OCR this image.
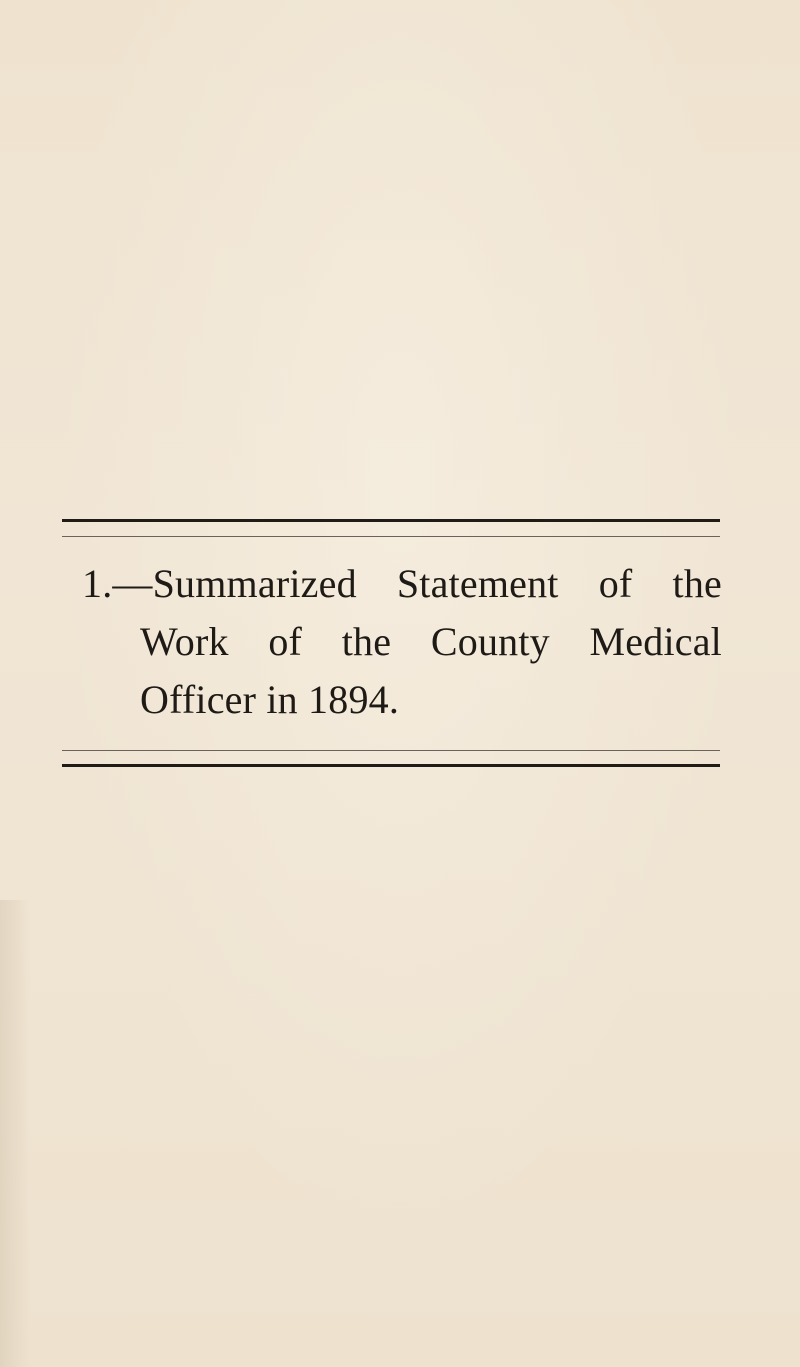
1.—Summarized Statement of the
Work of the County Medical
Officer in 1894.
